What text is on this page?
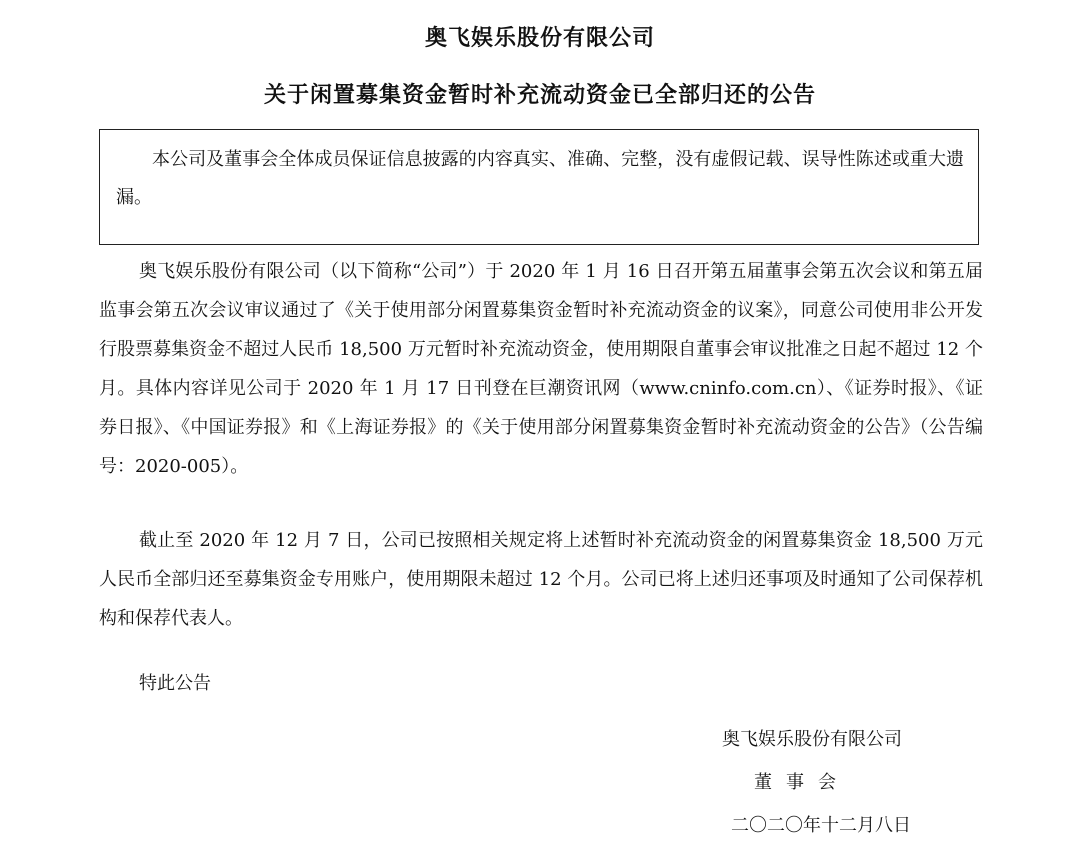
奥飞娱乐股份有限公司
关于闲置募集资金暂时补充流动资金已全部归还的公告
本公司及董事会全体成员保证信息披露的内容真实、准确、完整，没有虚假记载、误导性陈述或重大遗漏。

奥飞娱乐股份有限公司（以下简称“公司”）于 2020 年 1 月 16 日召开第五届董事会第五次会议和第五届监事会第五次会议审议通过了《关于使用部分闲置募集资金暂时补充流动资金的议案》，同意公司使用非公开发行股票募集资金不超过人民币 18,500 万元暂时补充流动资金，使用期限自董事会审议批准之日起不超过 12 个月。具体内容详见公司于 2020 年 1 月 17 日刊登在巨潮资讯网（www.cninfo.com.cn）、《证券时报》、《证券日报》、《中国证券报》和《上海证券报》的《关于使用部分闲置募集资金暂时补充流动资金的公告》（公告编号：2020-005）。

截止至 2020 年 12 月 7 日，公司已按照相关规定将上述暂时补充流动资金的闲置募集资金 18,500 万元人民币全部归还至募集资金专用账户，使用期限未超过 12 个月。公司已将上述归还事项及时通知了公司保荐机构和保荐代表人。

特此公告
奥飞娱乐股份有限公司
董事会
二〇二〇年十二月八日
